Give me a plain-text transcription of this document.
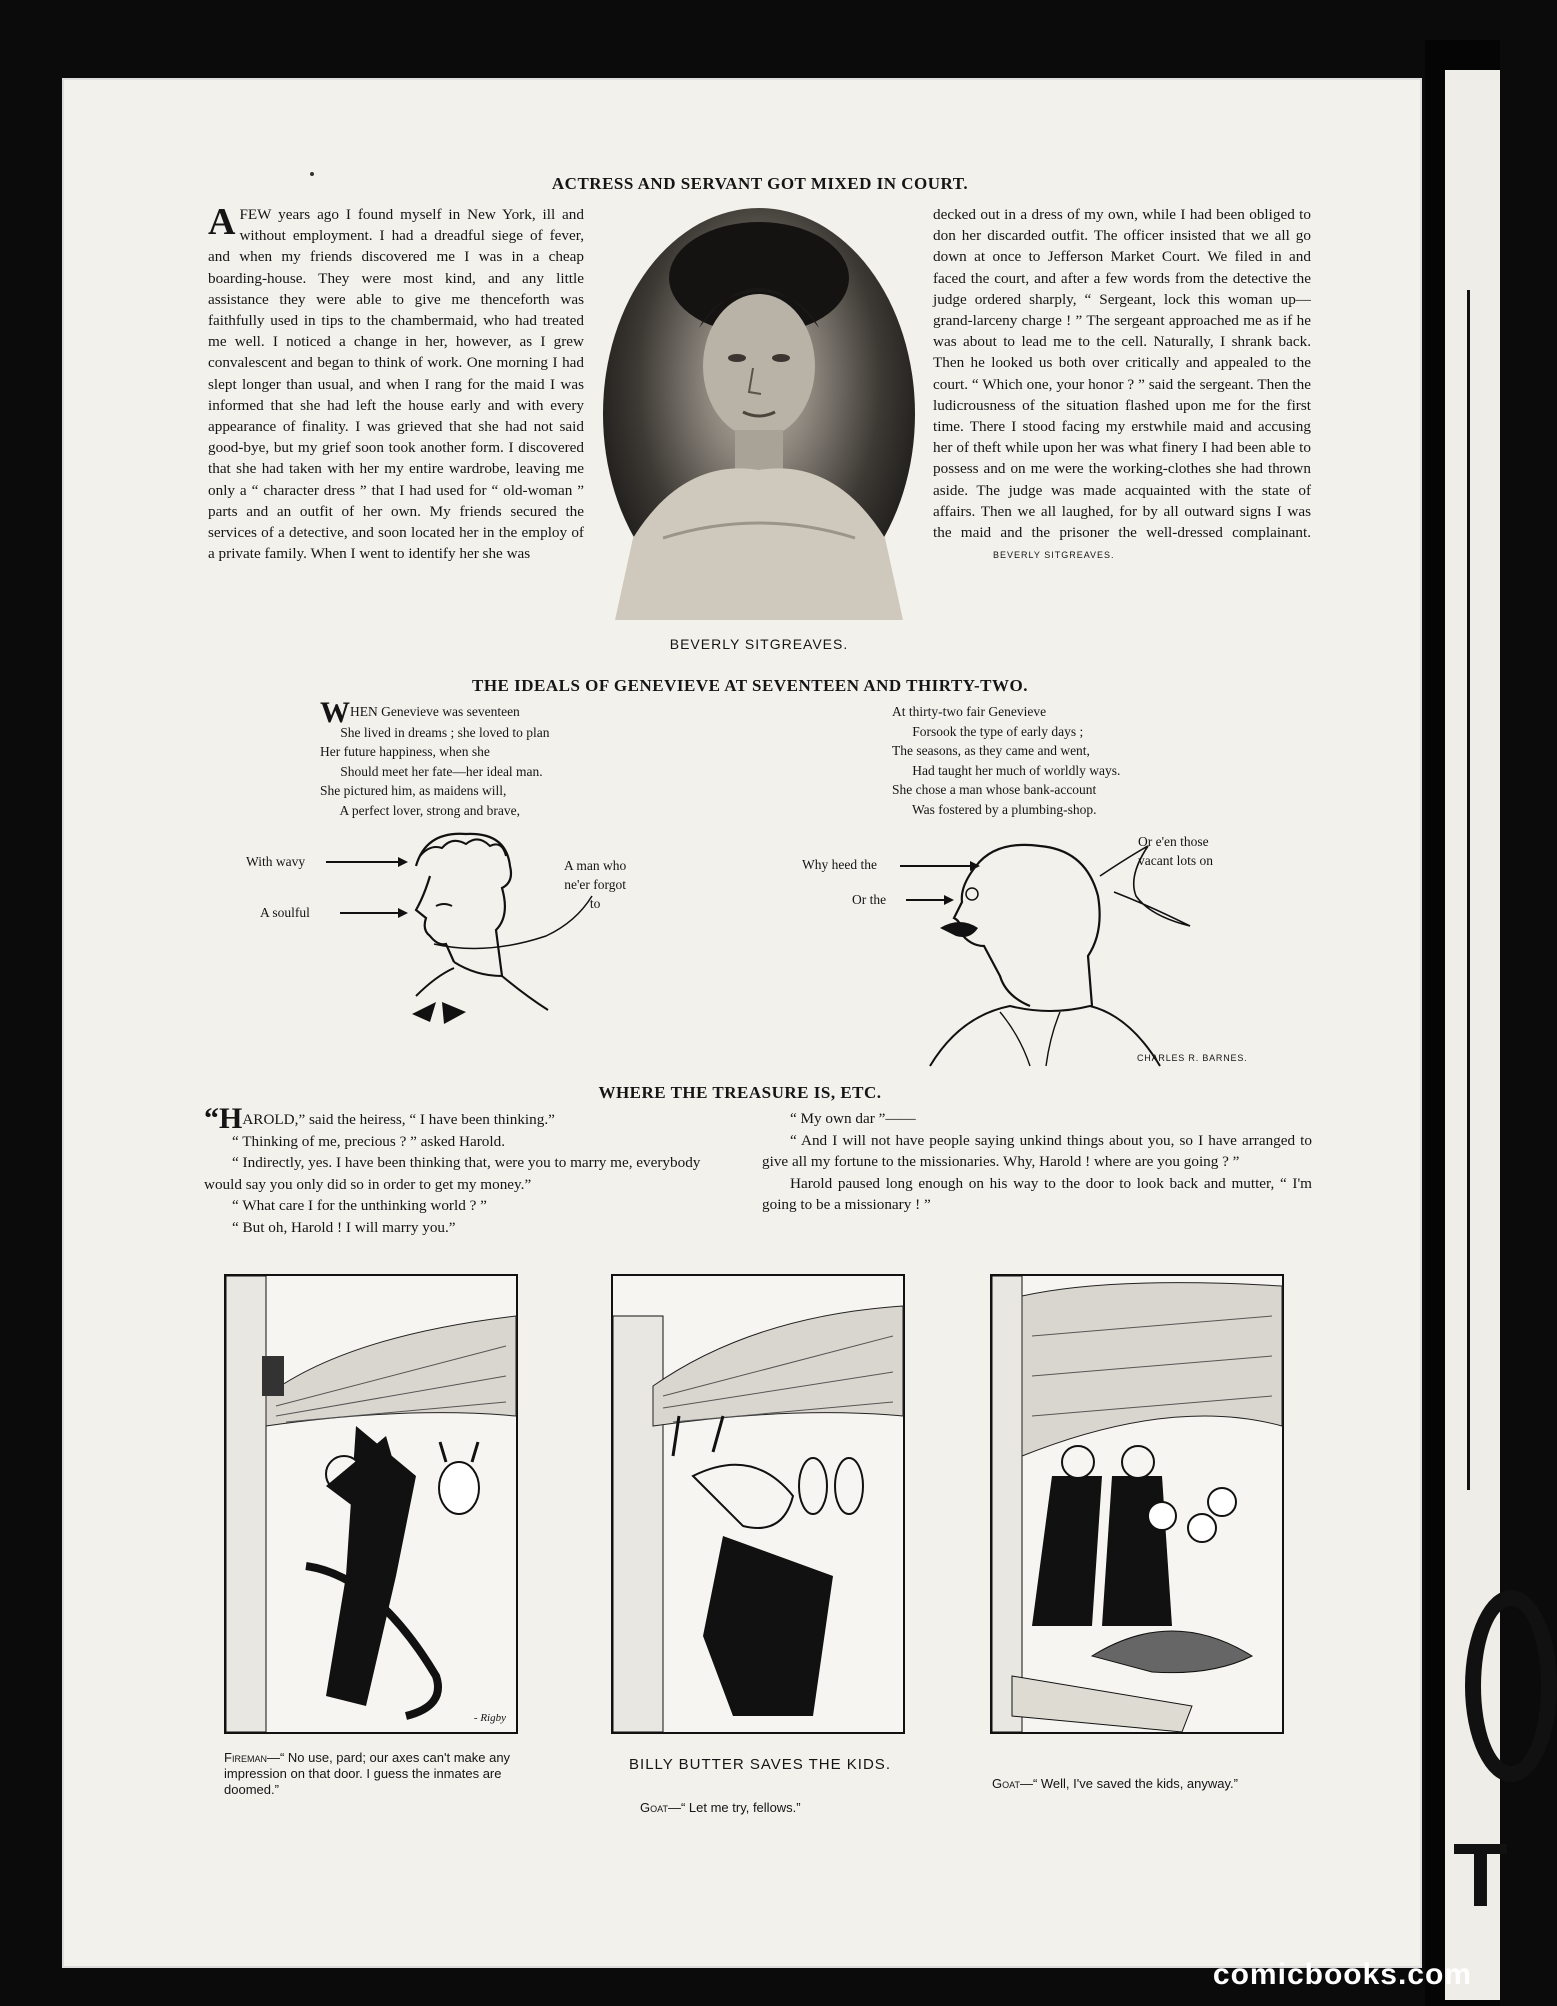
T
ACTRESS AND SERVANT GOT MIXED IN COURT.
A FEW years ago I found myself in New York, ill and without employment. I had a dreadful siege of fever, and when my friends discovered me I was in a cheap boarding-house. They were most kind, and any little assistance they were able to give me thenceforth was faithfully used in tips to the chambermaid, who had treated me well. I noticed a change in her, however, as I grew convalescent and began to think of work. One morning I had slept longer than usual, and when I rang for the maid I was informed that she had left the house early and with every appearance of finality. I was grieved that she had not said good-bye, but my grief soon took another form. I discovered that she had taken with her my entire wardrobe, leaving me only a “ character dress ” that I had used for “ old-woman ” parts and an outfit of her own. My friends secured the services of a detective, and soon located her in the employ of a private family. When I went to identify her she was

BEVERLY SITGREAVES.

decked out in a dress of my own, while I had been obliged to don her discarded outfit. The officer insisted that we all go down at once to Jefferson Market Court. We filed in and faced the court, and after a few words from the detective the judge ordered sharply, “ Sergeant, lock this woman up—grand-larceny charge ! ” The sergeant approached me as if he was about to lead me to the cell. Naturally, I shrank back. Then he looked us both over critically and appealed to the court. “ Which one, your honor ? ” said the sergeant. Then the ludicrousness of the situation flashed upon me for the first time. There I stood facing my erstwhile maid and accusing her of theft while upon her was what finery I had been able to possess and on me were the working-clothes she had thrown aside. The judge was made acquainted with the state of affairs. Then we all laughed, for by all outward signs I was the maid and the prisoner the well-dressed complainant. BEVERLY SITGREAVES.

THE IDEALS OF GENEVIEVE AT SEVENTEEN AND THIRTY-TWO.
WHEN Genevieve was seventeen
She lived in dreams ; she loved to plan
Her future happiness, when she
Should meet her fate—her ideal man.
She pictured him, as maidens will,
A perfect lover, strong and brave,
At thirty-two fair Genevieve
Forsook the type of early days ;
The seasons, as they came and went,
Had taught her much of worldly ways.
She chose a man whose bank-account
Was fostered by a plumbing-shop.
With wavy
A soulful
A man who
ne'er forgot
to
Why heed the
Or the
Or e'en those
vacant lots on
CHARLES R. BARNES.
WHERE THE TREASURE IS, ETC.

“HAROLD,” said the heiress, “ I have been thinking.”

“ Thinking of me, precious ? ” asked Harold.

“ Indirectly, yes. I have been thinking that, were you to marry me, everybody would say you only did so in order to get my money.”

“ What care I for the unthinking world ? ”

“ But oh, Harold ! I will marry you.”

“ My own dar ”——

“ And I will not have people saying unkind things about you, so I have arranged to give all my fortune to the missionaries. Why, Harold ! where are you going ? ”

Harold paused long enough on his way to the door to look back and mutter, “ I'm going to be a missionary ! ”

- Rigby
Fireman—“ No use, pard; our axes can't make any impression on that door. I guess the inmates are doomed.”
BILLY BUTTER SAVES THE KIDS.
Goat—“ Let me try, fellows.”
Goat—“ Well, I've saved the kids, anyway.”
comicbooks.com
